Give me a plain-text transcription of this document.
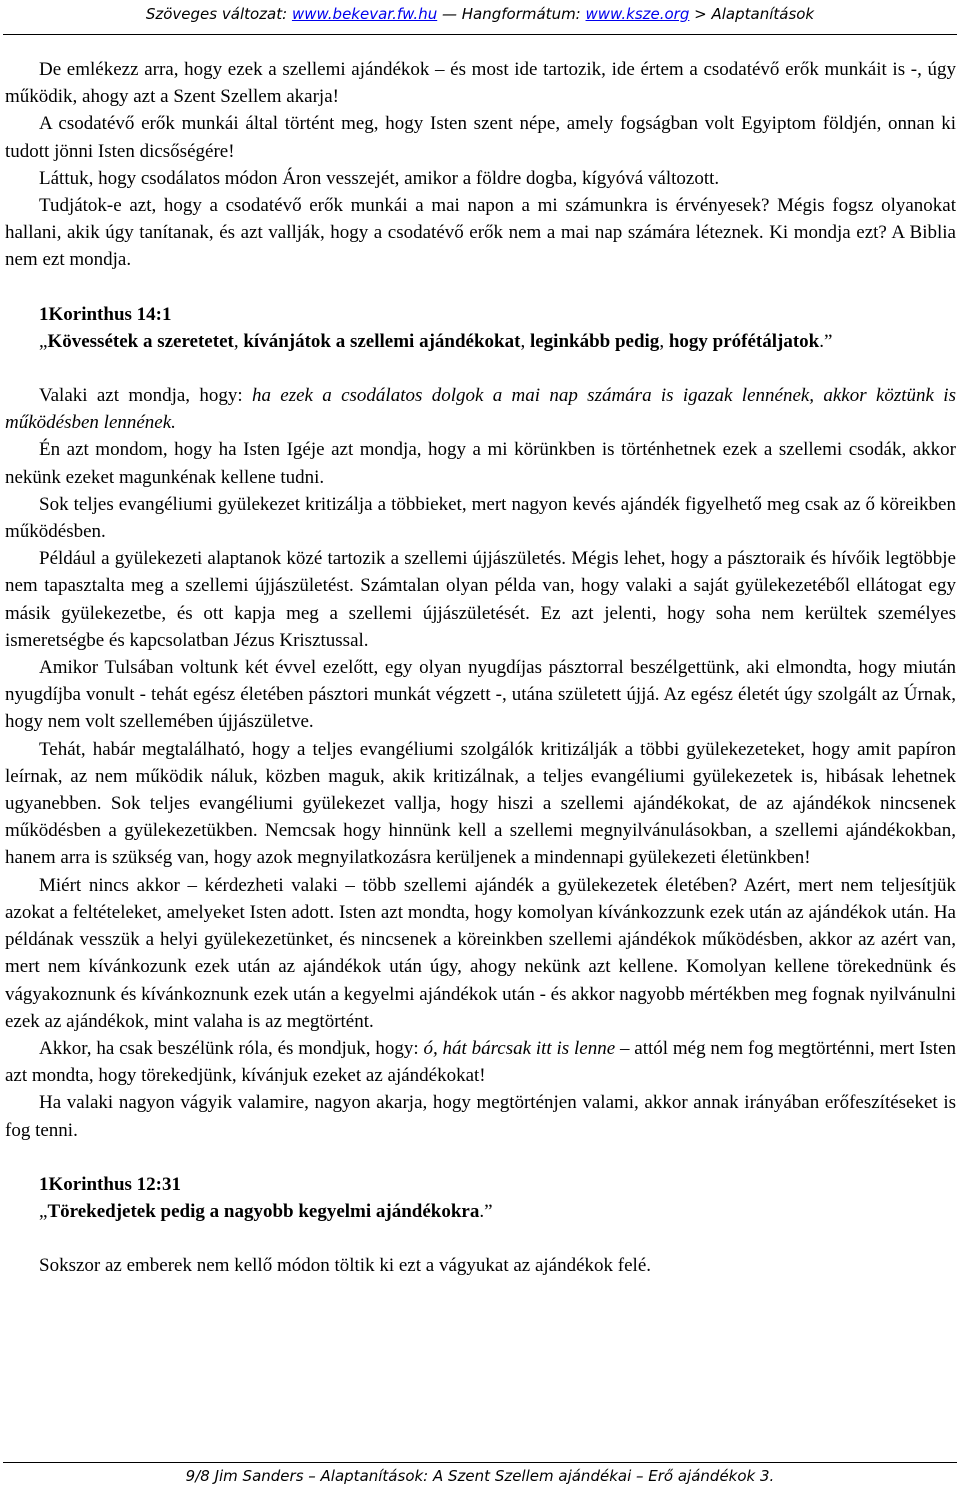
Szöveges változat: www.bekevar.fw.hu — Hangformátum: www.ksze.org > Alaptanítások

De emlékezz arra, hogy ezek a szellemi ajándékok – és most ide tartozik, ide értem a csodatévő erők munkáit is -, úgy működik, ahogy azt a Szent Szellem akarja!

A csodatévő erők munkái által történt meg, hogy Isten szent népe, amely fogságban volt Egyiptom földjén, onnan ki tudott jönni Isten dicsőségére!

Láttuk, hogy csodálatos módon Áron vesszejét, amikor a földre dogba, kígyóvá változott.

Tudjátok-e azt, hogy a csodatévő erők munkái a mai napon a mi számunkra is érvényesek? Mégis fogsz olyanokat hallani, akik úgy tanítanak, és azt vallják, hogy a csodatévő erők nem a mai nap számára léteznek. Ki mondja ezt? A Biblia nem ezt mondja.

1Korinthus 14:1

„Kövessétek a szeretetet, kívánjátok a szellemi ajándékokat, leginkább pedig, hogy prófétáljatok.”

Valaki azt mondja, hogy: ha ezek a csodálatos dolgok a mai nap számára is igazak lennének, akkor köztünk is működésben lennének.

Én azt mondom, hogy ha Isten Igéje azt mondja, hogy a mi körünkben is történhetnek ezek a szellemi csodák, akkor nekünk ezeket magunkénak kellene tudni.

Sok teljes evangéliumi gyülekezet kritizálja a többieket, mert nagyon kevés ajándék figyelhető meg csak az ő köreikben működésben.

Például a gyülekezeti alaptanok közé tartozik a szellemi újjászületés. Mégis lehet, hogy a pásztoraik és hívőik legtöbbje nem tapasztalta meg a szellemi újjászületést. Számtalan olyan példa van, hogy valaki a saját gyülekezetéből ellátogat egy másik gyülekezetbe, és ott kapja meg a szellemi újjászületését. Ez azt jelenti, hogy soha nem kerültek személyes ismeretségbe és kapcsolatban Jézus Krisztussal.

Amikor Tulsában voltunk két évvel ezelőtt, egy olyan nyugdíjas pásztorral beszélgettünk, aki elmondta, hogy miután nyugdíjba vonult - tehát egész életében pásztori munkát végzett -, utána született újjá. Az egész életét úgy szolgált az Úrnak, hogy nem volt szellemében újjászületve.

Tehát, habár megtalálható, hogy a teljes evangéliumi szolgálók kritizálják a többi gyülekezeteket, hogy amit papíron leírnak, az nem működik náluk, közben maguk, akik kritizálnak, a teljes evangéliumi gyülekezetek is, hibásak lehetnek ugyanebben. Sok teljes evangéliumi gyülekezet vallja, hogy hiszi a szellemi ajándékokat, de az ajándékok nincsenek működésben a gyülekezetükben. Nemcsak hogy hinnünk kell a szellemi megnyilvánulásokban, a szellemi ajándékokban, hanem arra is szükség van, hogy azok megnyilatkozásra kerüljenek a mindennapi gyülekezeti életünkben!

Miért nincs akkor – kérdezheti valaki – több szellemi ajándék a gyülekezetek életében? Azért, mert nem teljesítjük azokat a feltételeket, amelyeket Isten adott. Isten azt mondta, hogy komolyan kívánkozzunk ezek után az ajándékok után. Ha példának vesszük a helyi gyülekezetünket, és nincsenek a köreinkben szellemi ajándékok működésben, akkor az azért van, mert nem kívánkozunk ezek után az ajándékok után úgy, ahogy nekünk azt kellene. Komolyan kellene törekednünk és vágyakoznunk és kívánkoznunk ezek után a kegyelmi ajándékok után - és akkor nagyobb mértékben meg fognak nyilvánulni ezek az ajándékok, mint valaha is az megtörtént.

Akkor, ha csak beszélünk róla, és mondjuk, hogy: ó, hát bárcsak itt is lenne – attól még nem fog megtörténni, mert Isten azt mondta, hogy törekedjünk, kívánjuk ezeket az ajándékokat!

Ha valaki nagyon vágyik valamire, nagyon akarja, hogy megtörténjen valami, akkor annak irányában erőfeszítéseket is fog tenni.

1Korinthus 12:31

„Törekedjetek pedig a nagyobb kegyelmi ajándékokra.”

Sokszor az emberek nem kellő módon töltik ki ezt a vágyukat az ajándékok felé.

9/8 Jim Sanders – Alaptanítások: A Szent Szellem ajándékai – Erő ajándékok 3.
